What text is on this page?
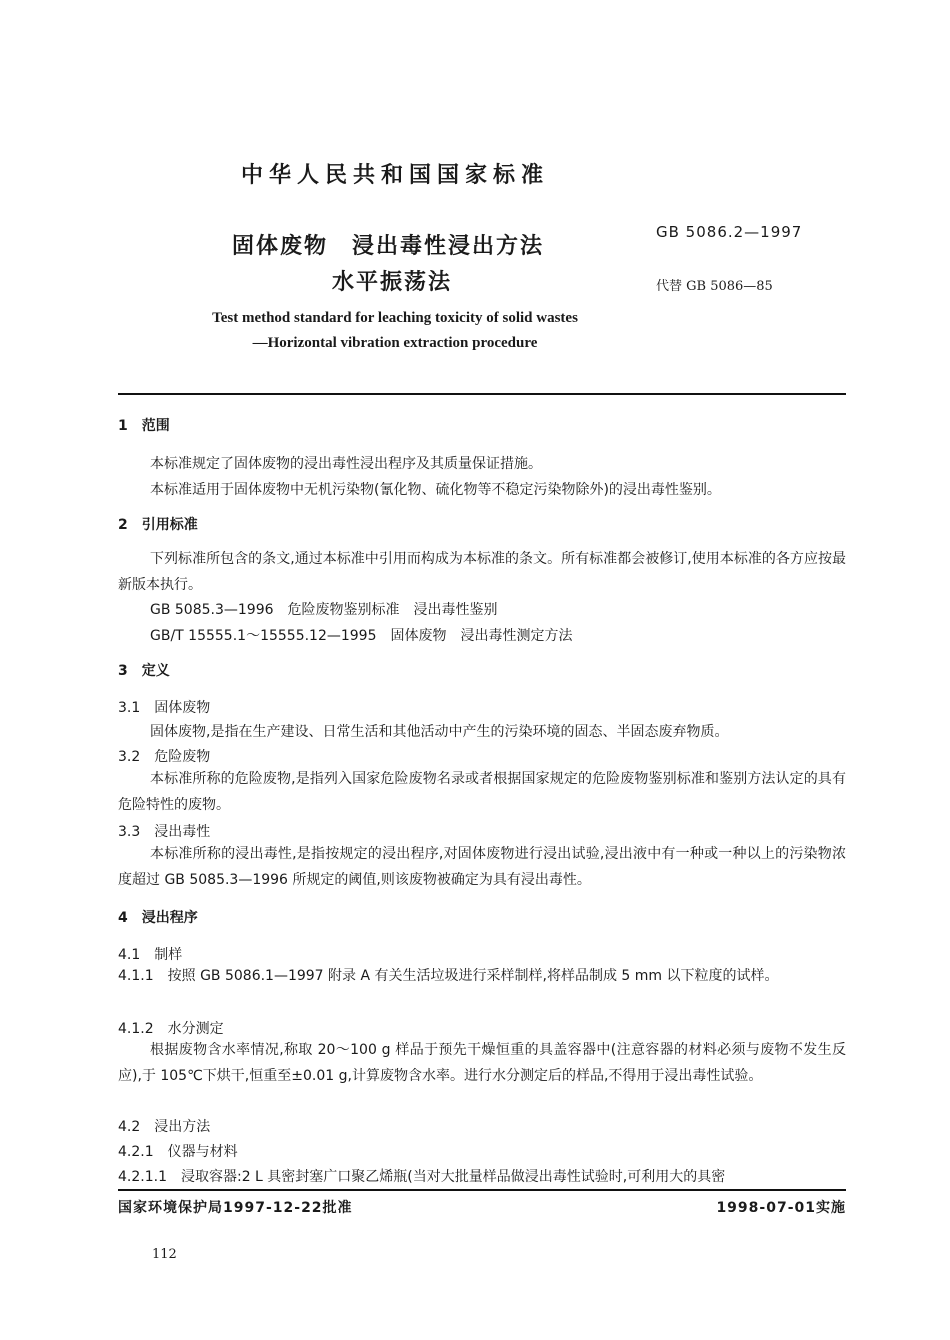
中华人民共和国国家标准
固体废物　浸出毒性浸出方法
水平振荡法
GB 5086.2—1997
代替 GB 5086—85
Test method standard for leaching toxicity of solid wastes
—Horizontal vibration extraction procedure
1　范围
本标准规定了固体废物的浸出毒性浸出程序及其质量保证措施。
本标准适用于固体废物中无机污染物(氰化物、硫化物等不稳定污染物除外)的浸出毒性鉴别。
2　引用标准
下列标准所包含的条文,通过本标准中引用而构成为本标准的条文。所有标准都会被修订,使用本标准的各方应按最新版本执行。
GB 5085.3—1996　危险废物鉴别标准　浸出毒性鉴别
GB/T 15555.1～15555.12—1995　固体废物　浸出毒性测定方法
3　定义
3.1　固体废物
固体废物,是指在生产建设、日常生活和其他活动中产生的污染环境的固态、半固态废弃物质。
3.2　危险废物
本标准所称的危险废物,是指列入国家危险废物名录或者根据国家规定的危险废物鉴别标准和鉴别方法认定的具有危险特性的废物。
3.3　浸出毒性
本标准所称的浸出毒性,是指按规定的浸出程序,对固体废物进行浸出试验,浸出液中有一种或一种以上的污染物浓度超过 GB 5085.3—1996 所规定的阈值,则该废物被确定为具有浸出毒性。
4　浸出程序
4.1　制样
4.1.1　按照 GB 5086.1—1997 附录 A 有关生活垃圾进行采样制样,将样品制成 5 mm 以下粒度的试样。
4.1.2　水分测定
根据废物含水率情况,称取 20～100 g 样品于预先干燥恒重的具盖容器中(注意容器的材料必须与废物不发生反应),于 105℃下烘干,恒重至±0.01 g,计算废物含水率。进行水分测定后的样品,不得用于浸出毒性试验。
4.2　浸出方法
4.2.1　仪器与材料
4.2.1.1　浸取容器:2 L 具密封塞广口聚乙烯瓶(当对大批量样品做浸出毒性试验时,可利用大的具密
国家环境保护局1997-12-22批准	1998-07-01实施
112
